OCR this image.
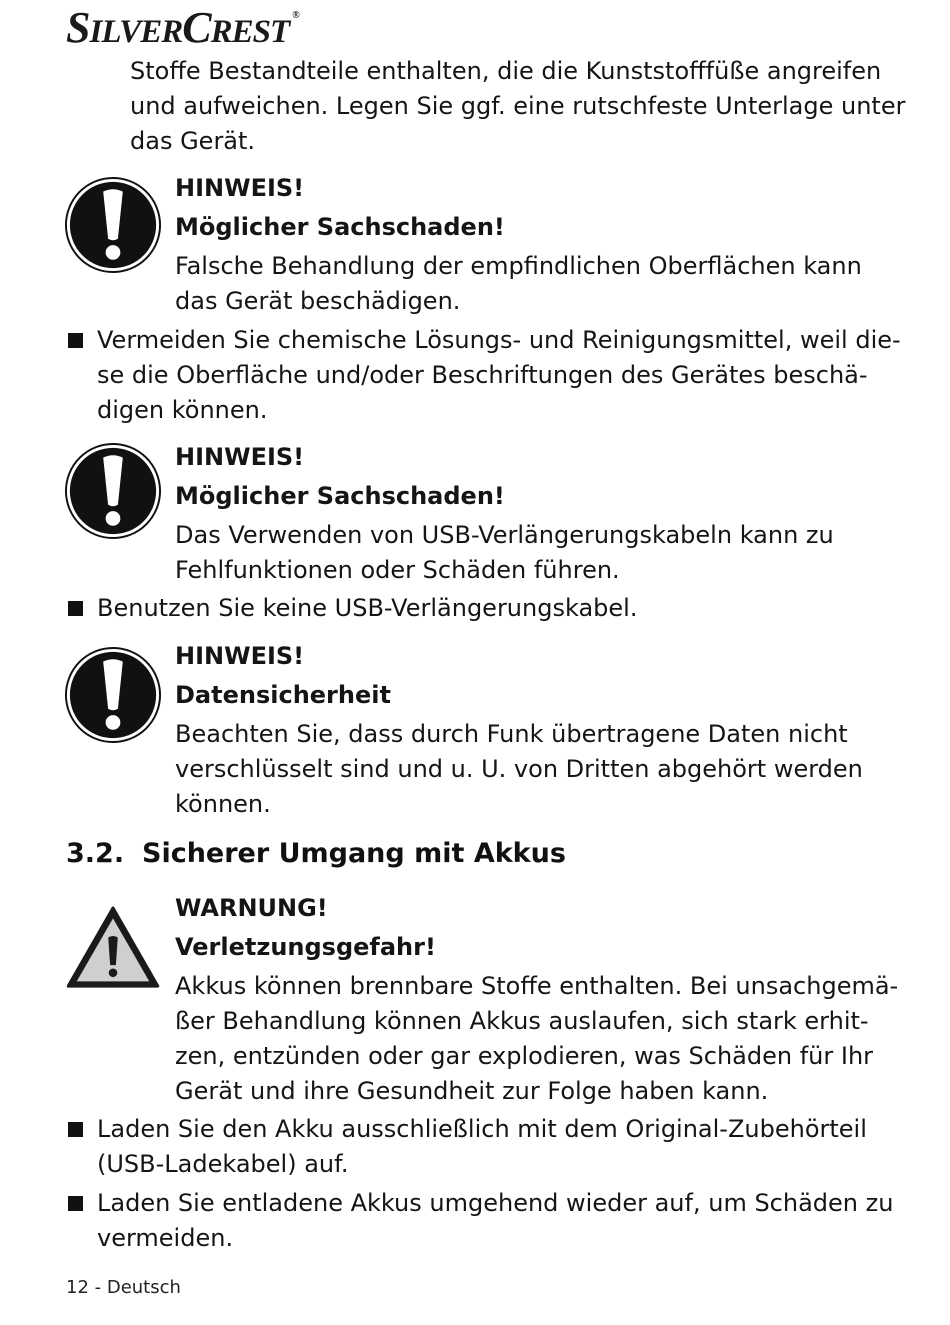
SILVERCREST ®
Stoffe Bestandteile enthalten, die die Kunststofffüße angreifen
und aufweichen. Legen Sie ggf. eine rutschfeste Unterlage unter
das Gerät.
HINWEIS!
Möglicher Sachschaden!
Falsche Behandlung der empfindlichen Oberflächen kann
das Gerät beschädigen.
Vermeiden Sie chemische Lösungs- und Reinigungsmittel, weil die-
se die Oberfläche und/oder Beschriftungen des Gerätes beschä-
digen können.
HINWEIS!
Möglicher Sachschaden!
Das Verwenden von USB-Verlängerungskabeln kann zu
Fehlfunktionen oder Schäden führen.
Benutzen Sie keine USB-Verlängerungskabel.
HINWEIS!
Datensicherheit
Beachten Sie, dass durch Funk übertragene Daten nicht
verschlüsselt sind und u. U. von Dritten abgehört werden
können.
3.2. Sicherer Umgang mit Akkus
WARNUNG!
Verletzungsgefahr!
Akkus können brennbare Stoffe enthalten. Bei unsachgemä-
ßer Behandlung können Akkus auslaufen, sich stark erhit-
zen, entzünden oder gar explodieren, was Schäden für Ihr
Gerät und ihre Gesundheit zur Folge haben kann.
Laden Sie den Akku ausschließlich mit dem Original-Zubehörteil
(USB-Ladekabel) auf.
Laden Sie entladene Akkus umgehend wieder auf, um Schäden zu
vermeiden.
12 - Deutsch
